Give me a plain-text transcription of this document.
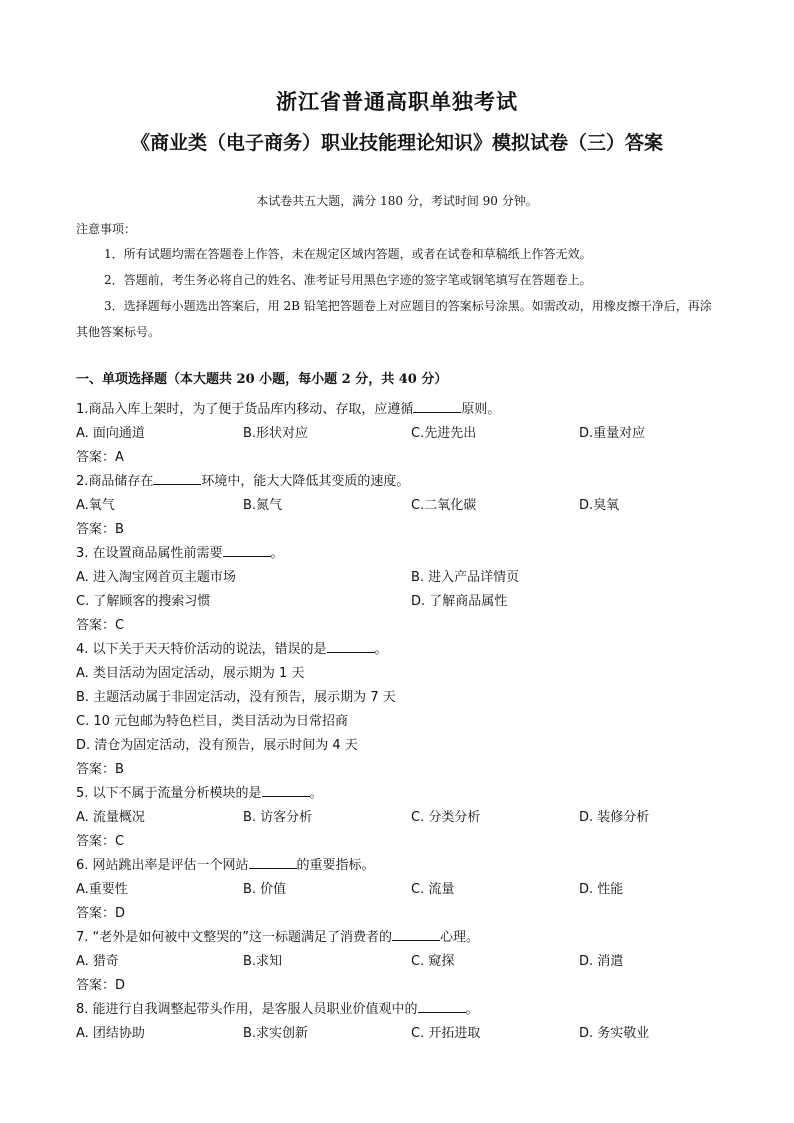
浙江省普通高职单独考试
《商业类（电子商务）职业技能理论知识》模拟试卷（三）答案
本试卷共五大题，满分 180 分，考试时间 90 分钟。
注意事项：
1．所有试题均需在答题卷上作答，未在规定区域内答题，或者在试卷和草稿纸上作答无效。
2．答题前，考生务必将自己的姓名、准考证号用黑色字迹的签字笔或钢笔填写在答题卷上。
3．选择题每小题选出答案后，用 2B 铅笔把答题卷上对应题目的答案标号涂黑。如需改动，用橡皮擦干净后，再涂其他答案标号。
一、单项选择题（本大题共 20 小题，每小题 2 分，共 40 分）
1.商品入库上架时，为了便于货品库内移动、存取，应遵循	原则。
A. 面向通道	B.形状对应	C.先进先出	D.重量对应
答案：A
2.商品储存在	环境中，能大大降低其变质的速度。
A.氧气	B.氮气	C.二氧化碳	D.臭氧
答案：B
3. 在设置商品属性前需要	。
A. 进入淘宝网首页主题市场	B. 进入产品详情页
C. 了解顾客的搜索习惯	D. 了解商品属性
答案：C
4. 以下关于天天特价活动的说法，错误的是	。
A. 类目活动为固定活动，展示期为 1 天
B. 主题活动属于非固定活动，没有预告，展示期为 7 天
C. 10 元包邮为特色栏目，类目活动为日常招商
D. 清仓为固定活动，没有预告，展示时间为 4 天
答案：B
5. 以下不属于流量分析模块的是	。
A. 流量概况	B. 访客分析	C. 分类分析	D. 装修分析
答案：C
6. 网站跳出率是评估一个网站	的重要指标。
A.重要性	B. 价值	C. 流量	D. 性能
答案：D
7. “老外是如何被中文整哭的”这一标题满足了消费者的	心理。
A. 猎奇	B.求知	C. 窥探	D. 消遣
答案：D
8. 能进行自我调整起带头作用，是客服人员职业价值观中的	。
A. 团结协助	B.求实创新	C. 开拓进取	D. 务实敬业
